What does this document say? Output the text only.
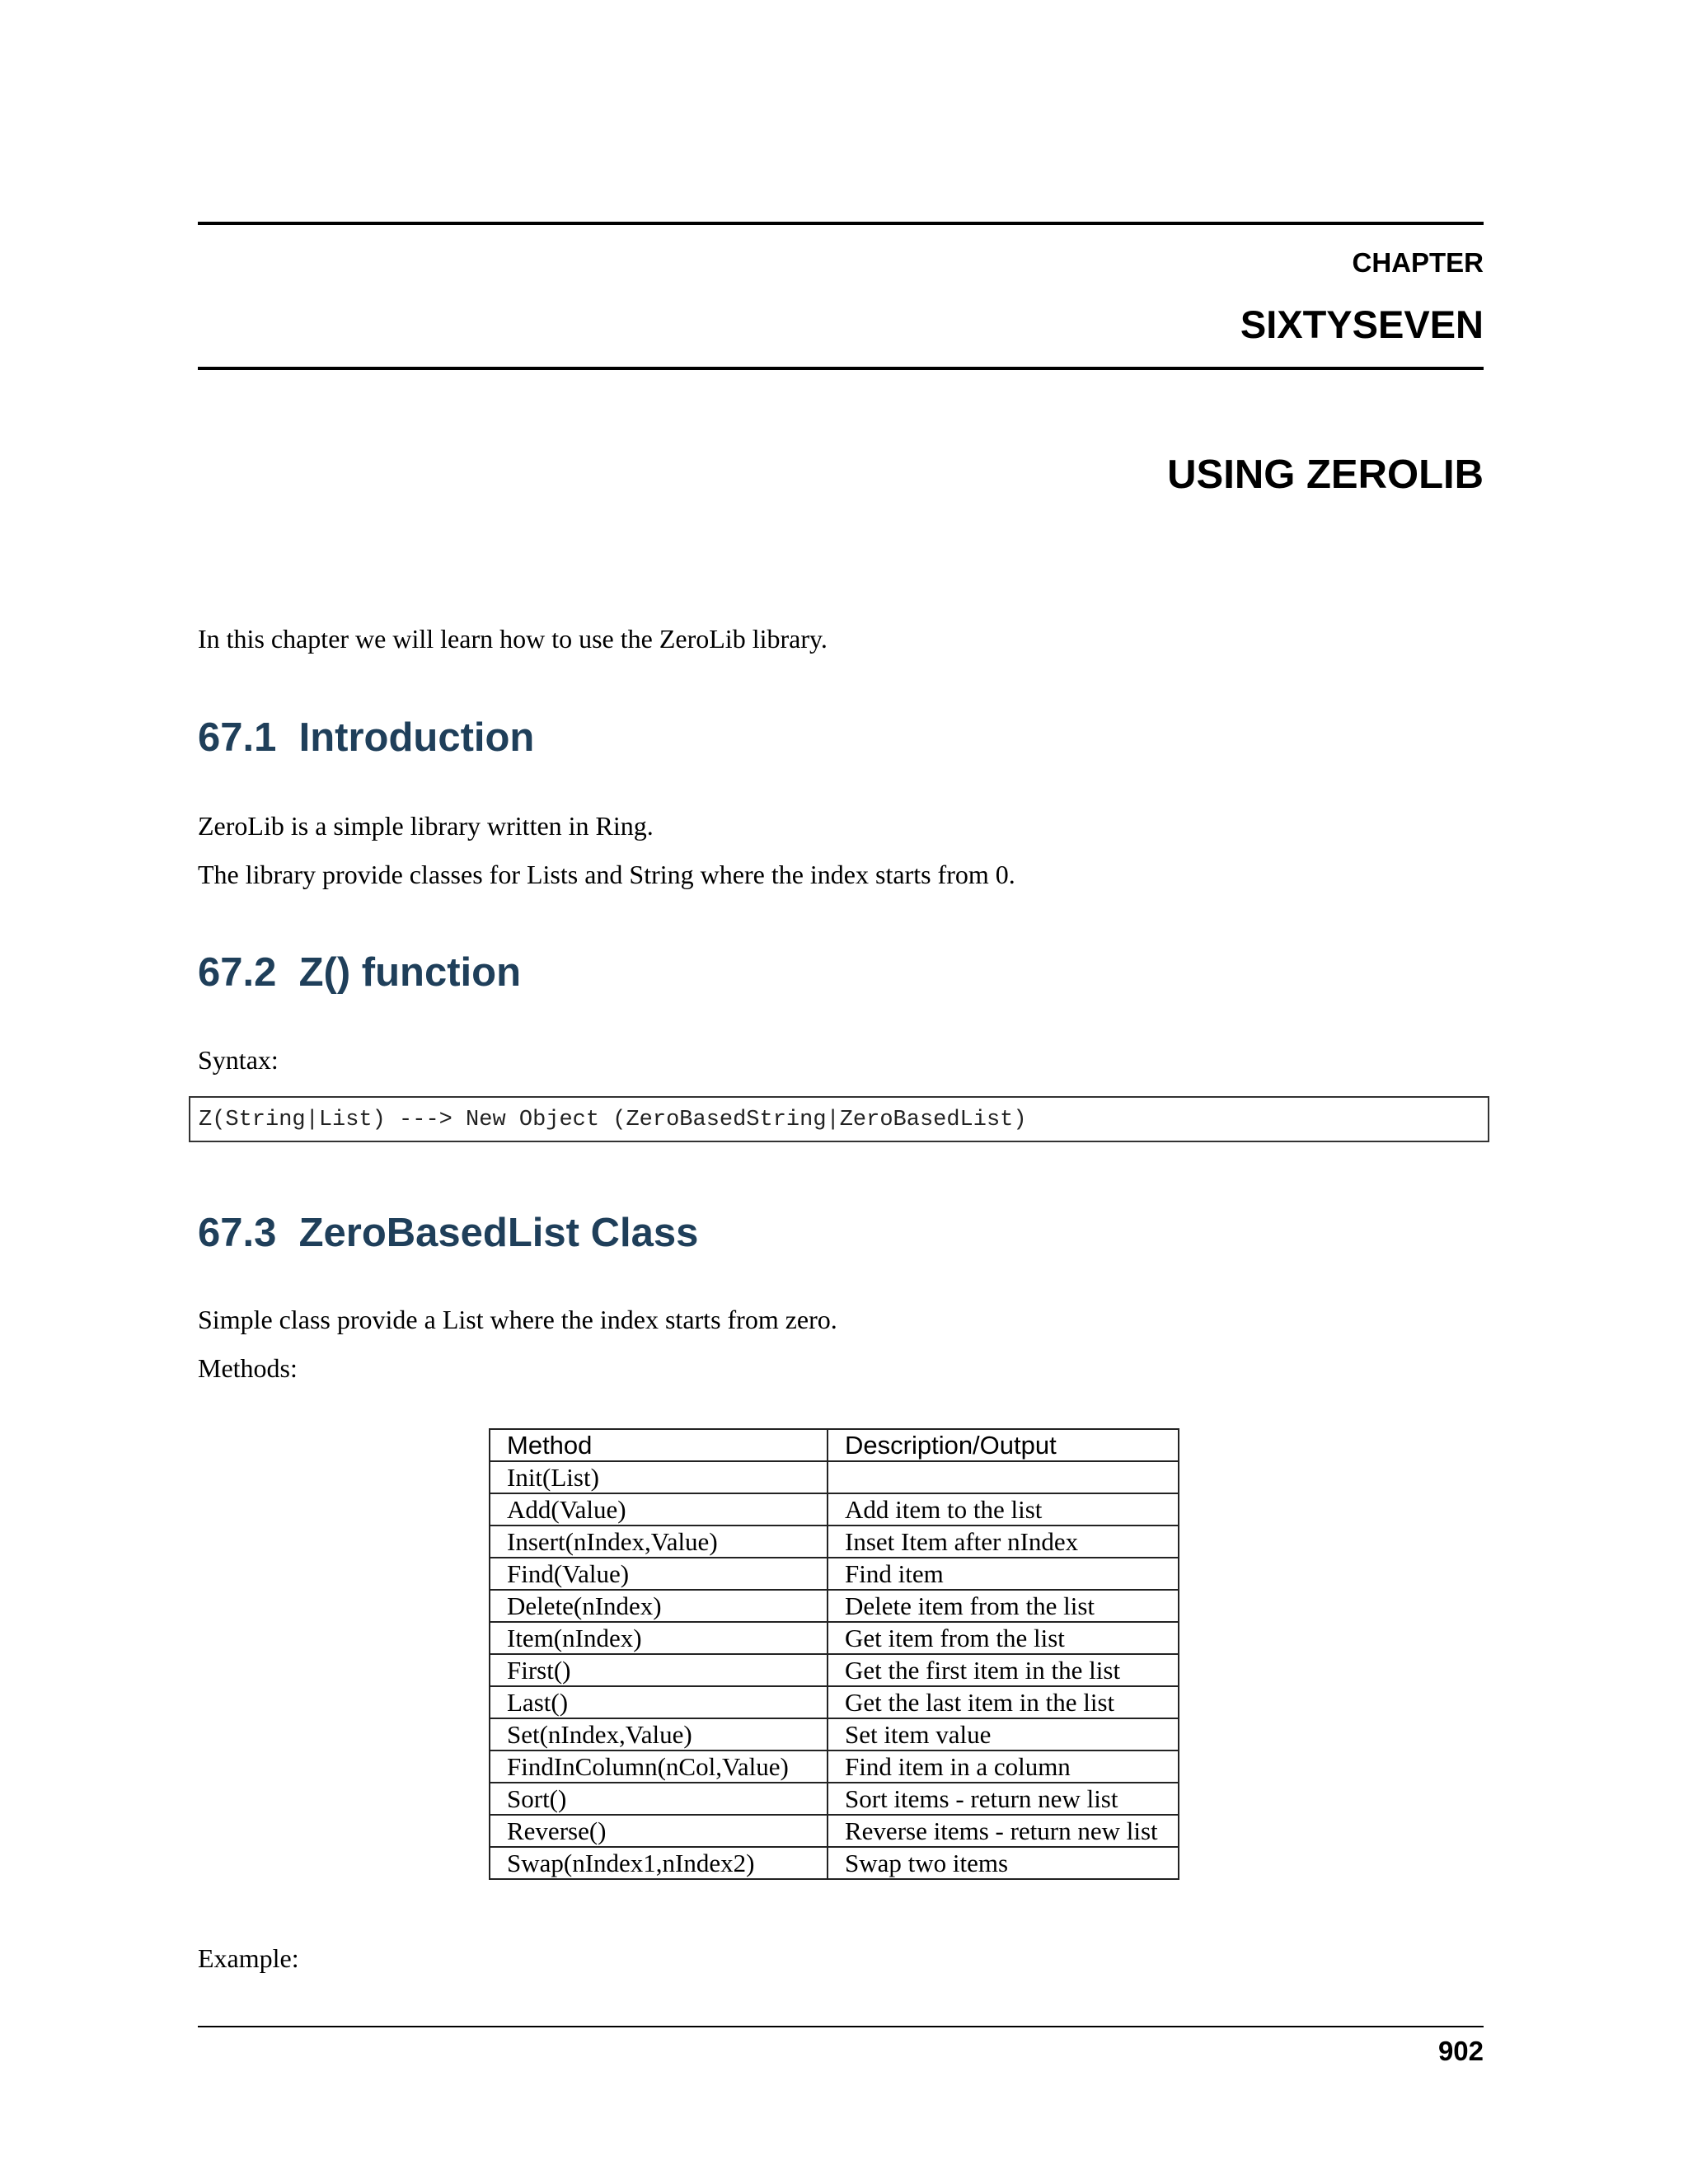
CHAPTER
SIXTYSEVEN
USING ZEROLIB
In this chapter we will learn how to use the ZeroLib library.
67.1  Introduction
ZeroLib is a simple library written in Ring.
The library provide classes for Lists and String where the index starts from 0.
67.2  Z() function
Syntax:
Z(String|List) ---> New Object (ZeroBasedString|ZeroBasedList)
67.3  ZeroBasedList Class
Simple class provide a List where the index starts from zero.
Methods:
Method	Description/Output
Init(List)	
Add(Value)	Add item to the list
Insert(nIndex,Value)	Inset Item after nIndex
Find(Value)	Find item
Delete(nIndex)	Delete item from the list
Item(nIndex)	Get item from the list
First()	Get the first item in the list
Last()	Get the last item in the list
Set(nIndex,Value)	Set item value
FindInColumn(nCol,Value)	Find item in a column
Sort()	Sort items - return new list
Reverse()	Reverse items - return new list
Swap(nIndex1,nIndex2)	Swap two items
Example:
902
